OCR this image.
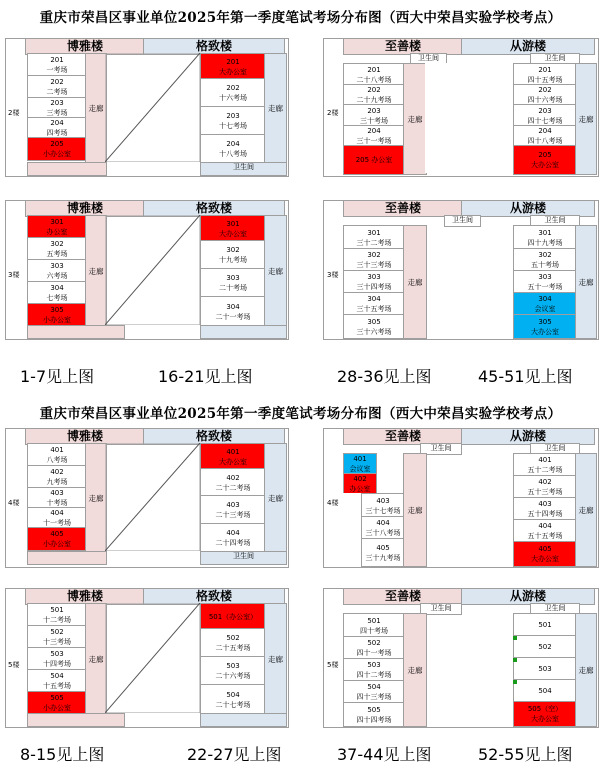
重庆市荣昌区事业单位2025年第一季度笔试考场分布图（西大中荣昌实验学校考点）
博雅楼	格致楼
2楼
201
一考场
202
二考场
203
三考场
204
四考场
205
小办公室
走廊
201
大办公室
202
十六考场
203
十七考场
204
十八考场
走廊
卫生间
至善楼	从游楼
卫生间	卫生间
2楼
201
二十八考场
202
二十九考场
203
三十考场
204
三十一考场
205 办公室
走廊
201
四十五考场
202
四十六考场
203
四十七考场
204
四十八考场
205
大办公室
走廊
博雅楼	格致楼
3楼
301
办公室
302
五考场
303
六考场
304
七考场
305
小办公室
走廊
301
大办公室
302
十九考场
303
二十考场
304
二十一考场
走廊
至善楼	从游楼
卫生间	卫生间
3楼
301
三十二考场
302
三十三考场
303
三十四考场
304
三十五考场
305
三十六考场
走廊
301
四十九考场
302
五十考场
303
五十一考场
304
会议室
305
大办公室
走廊
1-7见上图	16-21见上图	28-36见上图	45-51见上图
重庆市荣昌区事业单位2025年第一季度笔试考场分布图（西大中荣昌实验学校考点）
博雅楼	格致楼
4楼
401
八考场
402
九考场
403
十考场
404
十一考场
405
小办公室
走廊
401
大办公室
402
二十二考场
403
二十三考场
404
二十四考场
走廊
卫生间
至善楼	从游楼
卫生间	卫生间
4楼
401
会议室
402
办公室
403
三十七考场
404
三十八考场
405
三十九考场
走廊
401
五十二考场
402
五十三考场
403
五十四考场
404
五十五考场
405
大办公室
走廊
博雅楼	格致楼
5楼
501
十二考场
502
十三考场
503
十四考场
504
十五考场
505
小办公室
走廊
501（办公室）
502
二十五考场
503
二十六考场
504
二十七考场
走廊
至善楼	从游楼
卫生间	卫生间
5楼
501
四十考场
502
四十一考场
503
四十二考场
504
四十三考场
505
四十四考场
走廊
501
502
503
504
505（空）
大办公室
走廊
8-15见上图	22-27见上图	37-44见上图	52-55见上图
